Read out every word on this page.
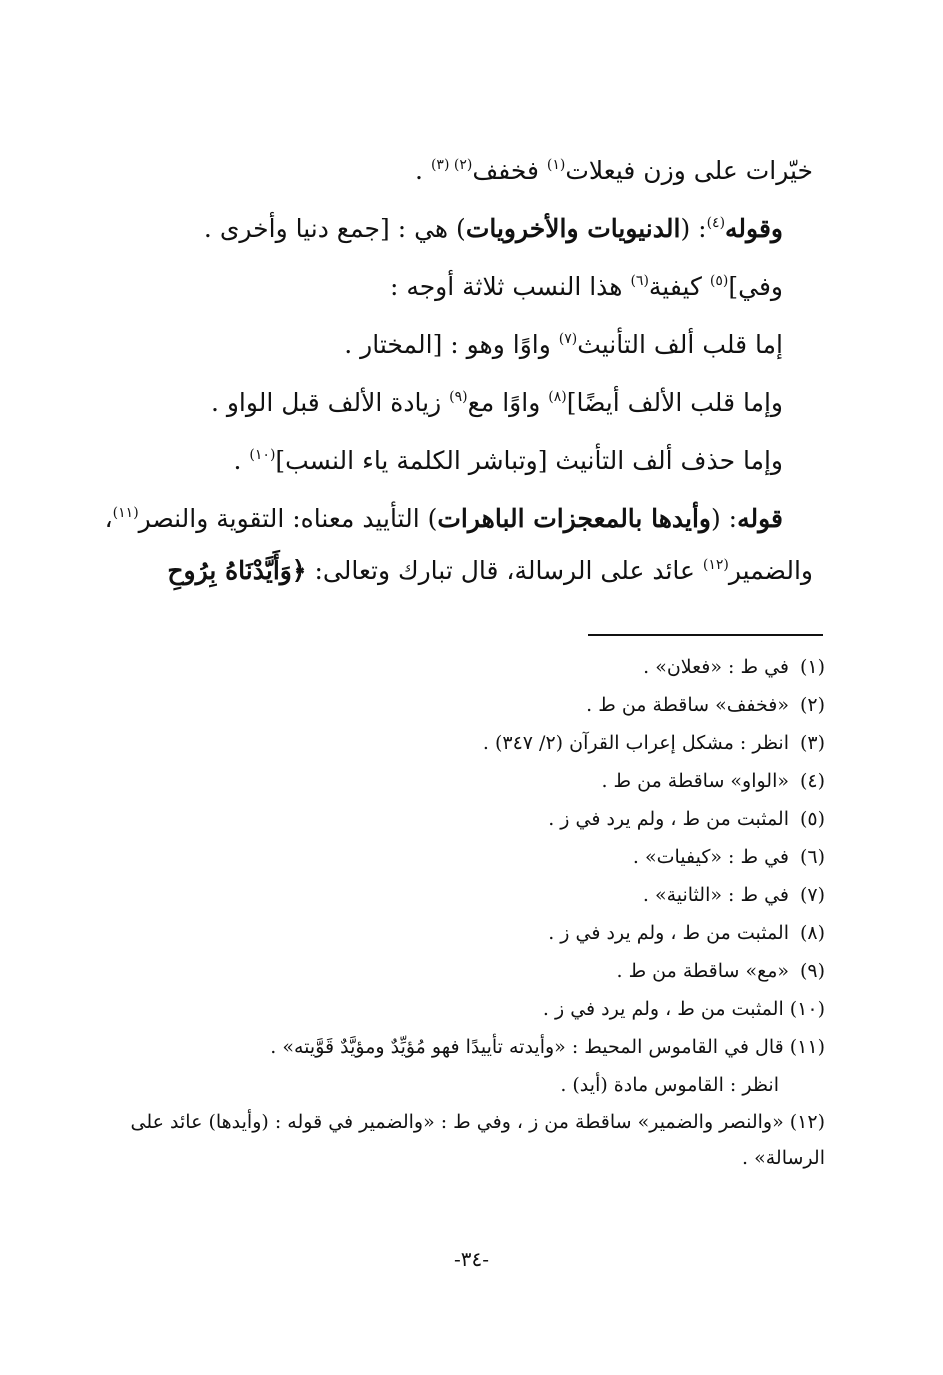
خيّرات على وزن فيعلات$^{(١)}$ فخفف$^{(٢) (٣)}$ .
وقوله$^{(٤)}$: (الدنيويات والأخرويات) هي : [جمع دنيا وأخرى .
وفي]$^{(٥)}$ كيفية$^{(٦)}$ هذا النسب ثلاثة أوجه :
إما قلب ألف التأنيث$^{(٧)}$ واوًا وهو : [المختار .
وإما قلب الألف أيضًا]$^{(٨)}$ واوًا مع$^{(٩)}$ زيادة الألف قبل الواو .
وإما حذف ألف التأنيث [وتباشر الكلمة ياء النسب]$^{(١٠)}$ .
قوله: (وأيدها بالمعجزات الباهرات) التأييد معناه: التقوية والنصر$^{(١١)}$،
والضمير$^{(١٢)}$ عائد على الرسالة، قال تبارك وتعالى: ﴿وَأَيَّدْنَاهُ بِرُوحِ
(١)في ط : «فعلان» .
(٢)«فخفف» ساقطة من ط .
(٣)انظر : مشكل إعراب القرآن (٢/ ٣٤٧) .
(٤)«الواو» ساقطة من ط .
(٥)المثبت من ط ، ولم يرد في ز .
(٦)في ط : «كيفيات» .
(٧)في ط : «الثانية» .
(٨)المثبت من ط ، ولم يرد في ز .
(٩)«مع» ساقطة من ط .
(١٠)المثبت من ط ، ولم يرد في ز .
(١١)قال في القاموس المحيط : «وأيدته تأييدًا فهو مُؤيِّدٌ ومؤيَّدٌ قَوَّيته» .
انظر : القاموس مادة (أيد) .
(١٢)«والنصر والضمير» ساقطة من ز ، وفي ط : «والضمير في قوله : (وأيدها) عائد على الرسالة» .
-٣٤-
